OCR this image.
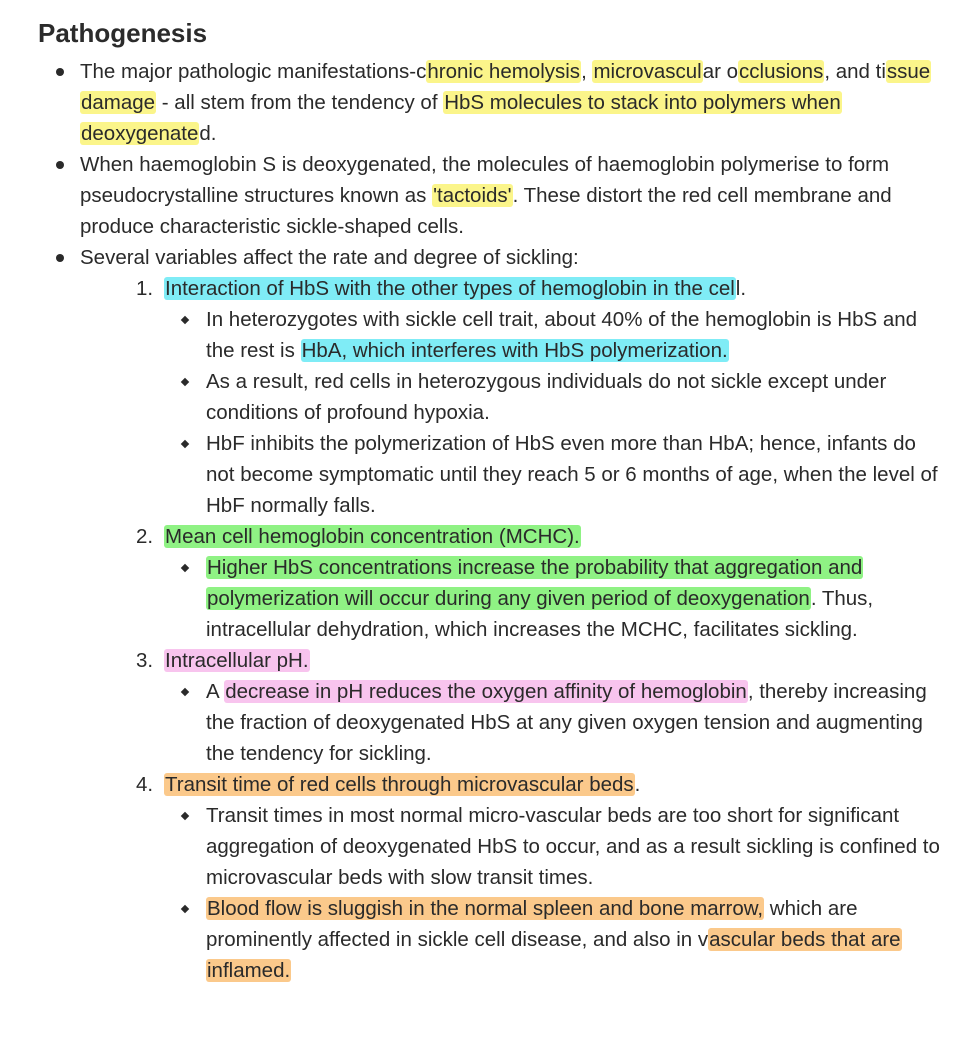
Pathogenesis
The major pathologic manifestations-chronic hemolysis, microvascular occlusions, and tissue damage - all stem from the tendency of HbS molecules to stack into polymers when deoxygenated.
When haemoglobin S is deoxygenated, the molecules of haemoglobin polymerise to form pseudocrystalline structures known as 'tactoids'. These distort the red cell membrane and produce characteristic sickle-shaped cells.
Several variables affect the rate and degree of sickling:
1. Interaction of HbS with the other types of hemoglobin in the cell.
In heterozygotes with sickle cell trait, about 40% of the hemoglobin is HbS and the rest is HbA, which interferes with HbS polymerization.
As a result, red cells in heterozygous individuals do not sickle except under conditions of profound hypoxia.
HbF inhibits the polymerization of HbS even more than HbA; hence, infants do not become symptomatic until they reach 5 or 6 months of age, when the level of HbF normally falls.
2. Mean cell hemoglobin concentration (MCHC).
Higher HbS concentrations increase the probability that aggregation and polymerization will occur during any given period of deoxygenation. Thus, intracellular dehydration, which increases the MCHC, facilitates sickling.
3. Intracellular pH.
A decrease in pH reduces the oxygen affinity of hemoglobin, thereby increasing the fraction of deoxygenated HbS at any given oxygen tension and augmenting the tendency for sickling.
4. Transit time of red cells through microvascular beds.
Transit times in most normal micro-vascular beds are too short for significant aggregation of deoxygenated HbS to occur, and as a result sickling is confined to microvascular beds with slow transit times.
Blood flow is sluggish in the normal spleen and bone marrow, which are prominently affected in sickle cell disease, and also in vascular beds that are inflamed.
